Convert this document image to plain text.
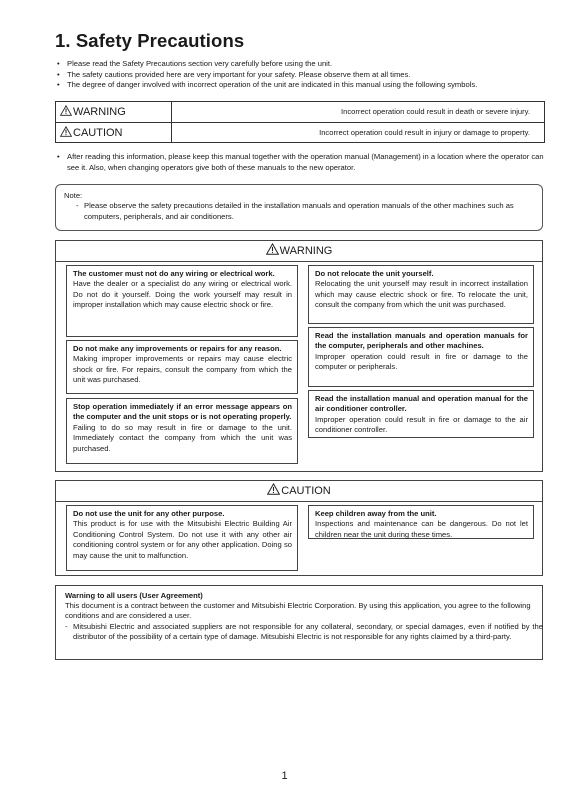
1. Safety Precautions
• Please read the Safety Precautions section very carefully before using the unit.
• The safety cautions provided here are very important for your safety. Please observe them at all times.
• The degree of danger involved with incorrect operation of the unit are indicated in this manual using the following symbols.
WARNING	Incorrect operation could result in death or severe injury.
CAUTION	Incorrect operation could result in injury or damage to property.
• After reading this information, please keep this manual together with the operation manual (Management) in a location where the operator can see it. Also, when changing operators give both of these manuals to the new operator.
Note:
- Please observe the safety precautions detailed in the installation manuals and operation manuals of the other machines such as computers, peripherals, and air conditioners.
WARNING
The customer must not do any wiring or electrical work.
Have the dealer or a specialist do any wiring or electrical work. Do not do it yourself. Doing the work yourself may result in improper installation which may cause electric shock or fire.
Do not make any improvements or repairs for any reason.
Making improper improvements or repairs may cause electric shock or fire. For repairs, consult the company from which the unit was purchased.
Stop operation immediately if an error message appears on the computer and the unit stops or is not operating properly.
Failing to do so may result in fire or damage to the unit. Immediately contact the company from which the unit was purchased.
Do not relocate the unit yourself.
Relocating the unit yourself may result in incorrect installation which may cause electric shock or fire. To relocate the unit, consult the company from which the unit was purchased.
Read the installation manuals and operation manuals for the computer, peripherals and other machines.
Improper operation could result in fire or damage to the computer or peripherals.
Read the installation manual and operation manual for the air conditioner controller.
Improper operation could result in fire or damage to the air conditioner controller.
CAUTION
Do not use the unit for any other purpose.
This product is for use with the Mitsubishi Electric Building Air Conditioning Control System. Do not use it with any other air conditioning control system or for any other application. Doing so may cause the unit to malfunction.
Keep children away from the unit.
Inspections and maintenance can be dangerous. Do not let children near the unit during these times.
Warning to all users (User Agreement)
This document is a contract between the customer and Mitsubishi Electric Corporation. By using this application, you agree to the following conditions and are considered a user.
- Mitsubishi Electric and associated suppliers are not responsible for any collateral, secondary, or special damages, even if notified by the distributor of the possibility of a certain type of damage. Mitsubishi Electric is not responsible for any rights claimed by a third-party.
1
